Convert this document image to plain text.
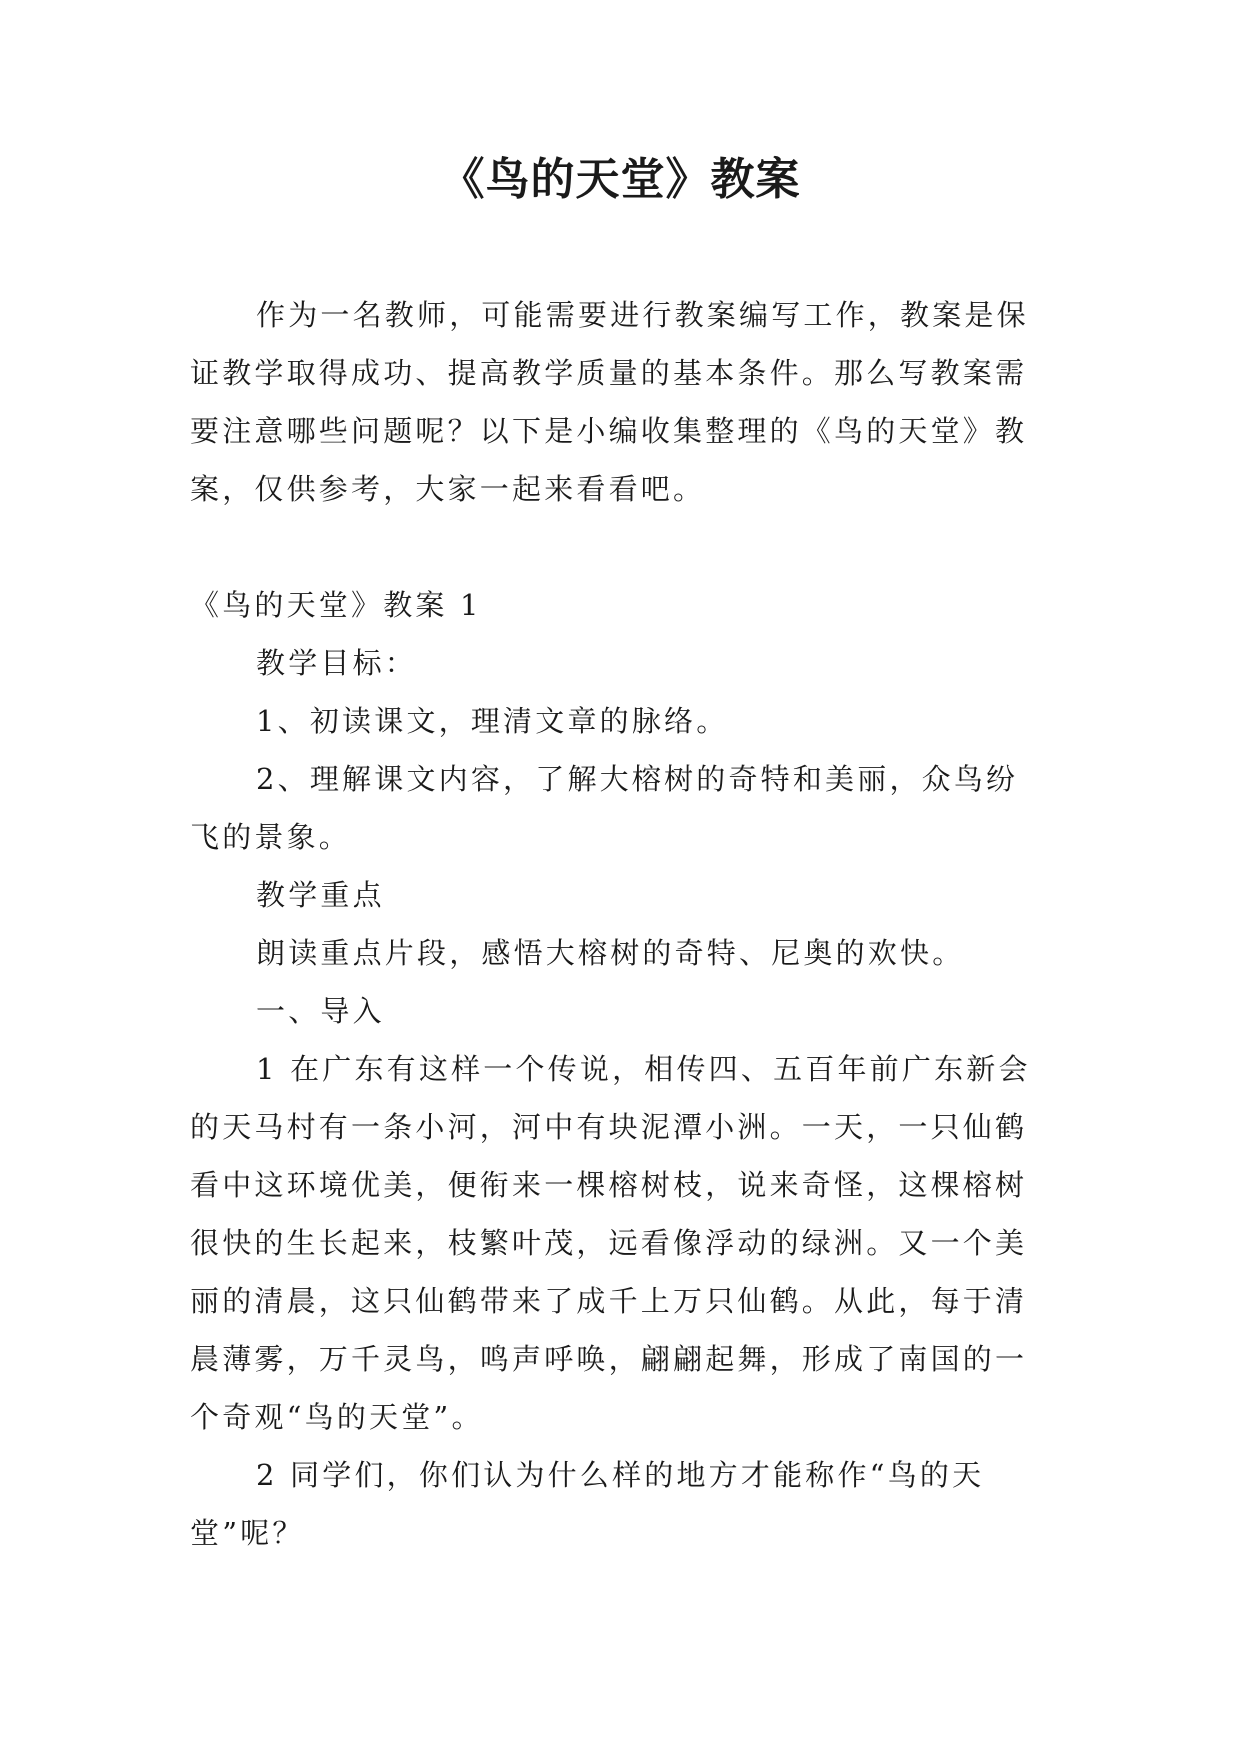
《鸟的天堂》教案

作为一名教师，可能需要进行教案编写工作，教案是保证教学取得成功、提高教学质量的基本条件。那么写教案需要注意哪些问题呢？以下是小编收集整理的《鸟的天堂》教案，仅供参考，大家一起来看看吧。

《鸟的天堂》教案 1

教学目标：

1、初读课文，理清文章的脉络。

2、理解课文内容，了解大榕树的奇特和美丽，众鸟纷飞的景象。

教学重点

朗读重点片段，感悟大榕树的奇特、尼奥的欢快。

一、导入

1 在广东有这样一个传说，相传四、五百年前广东新会的天马村有一条小河，河中有块泥潭小洲。一天，一只仙鹤看中这环境优美，便衔来一棵榕树枝，说来奇怪，这棵榕树很快的生长起来，枝繁叶茂，远看像浮动的绿洲。又一个美丽的清晨，这只仙鹤带来了成千上万只仙鹤。从此，每于清晨薄雾，万千灵鸟，鸣声呼唤，翩翩起舞，形成了南国的一个奇观“鸟的天堂”。

2 同学们，你们认为什么样的地方才能称作“鸟的天堂”呢？
